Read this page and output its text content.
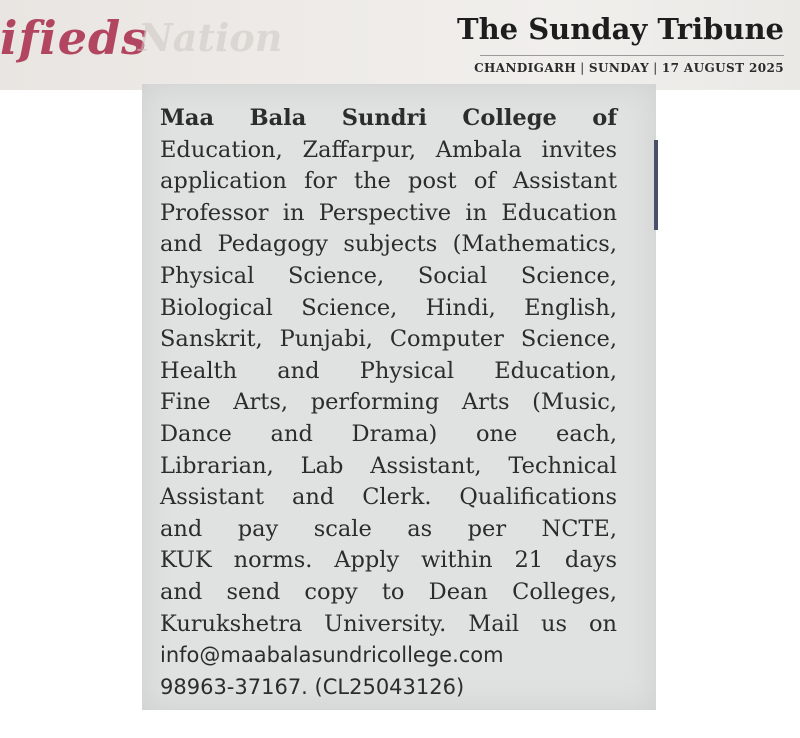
ifieds
Nation	The Sunday Tribune
CHANDIGARH | SUNDAY | 17 AUGUST 2025
Maa Bala Sundri College of
Education, Zaffarpur, Ambala invites
application for the post of Assistant
Professor in Perspective in Education
and Pedagogy subjects (Mathematics,
Physical Science, Social Science,
Biological Science, Hindi, English,
Sanskrit, Punjabi, Computer Science,
Health and Physical Education,
Fine Arts, performing Arts (Music,
Dance and Drama) one each,
Librarian, Lab Assistant, Technical
Assistant and Clerk. Qualifications
and pay scale as per NCTE,
KUK norms. Apply within 21 days
and send copy to Dean Colleges,
Kurukshetra University. Mail us on
info@maabalasundricollege.com
98963-37167. (CL25043126)
